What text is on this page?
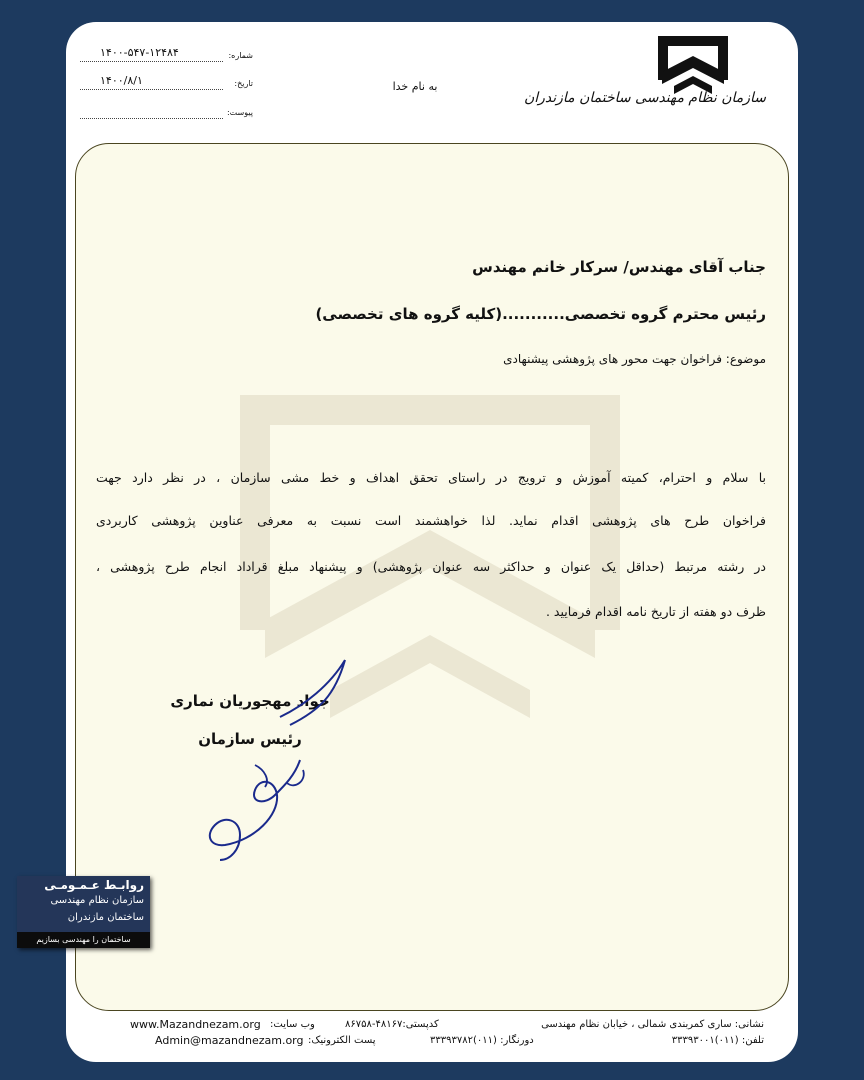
۱۴۰۰-۵۴۷-۱۲۴۸۴	شماره:
۱۴۰۰/۸/۱	تاریخ:
پیوست:
به نام خدا
سازمان نظام مهندسی ساختمان مازندران
جناب آقای مهندس/ سرکار خانم مهندس
رئیس محترم گروه تخصصی...........(کلیه گروه های تخصصی)
موضوع: فراخوان جهت محور های پژوهشی پیشنهادی
با سلام و احترام، کمیته آموزش و ترویج در راستای تحقق اهداف و خط مشی سازمان ، در نظر دارد جهت
فراخوان طرح های پژوهشی اقدام نماید. لذا خواهشمند است نسبت به معرفی عناوین پژوهشی کاربردی
در رشته مرتبط (حداقل یک عنوان و حداکثر سه عنوان پژوهشی) و پیشنهاد مبلغ قراداد انجام طرح پژوهشی ،
ظرف دو هفته از تاریخ نامه اقدام فرمایید .
جواد مهجوریان نماری
رئیس سازمان
روابـط عـمـومـی
سازمان نظام مهندسی
ساختمان مازندران
ساختمان را مهندسی بسازیم
نشانی: ساری کمربندی شمالی ، خیابان نظام مهندسی
کدپستی:۴۸۱۶۷-۸۶۷۵۸
وب سایت:
www.Mazandnezam.org
تلفن: (۰۱۱)۳۳۳۹۳۰۰۱
دورنگار: (۰۱۱)۳۳۳۹۳۷۸۲
پست الکترونیک:
Admin@mazandnezam.org
